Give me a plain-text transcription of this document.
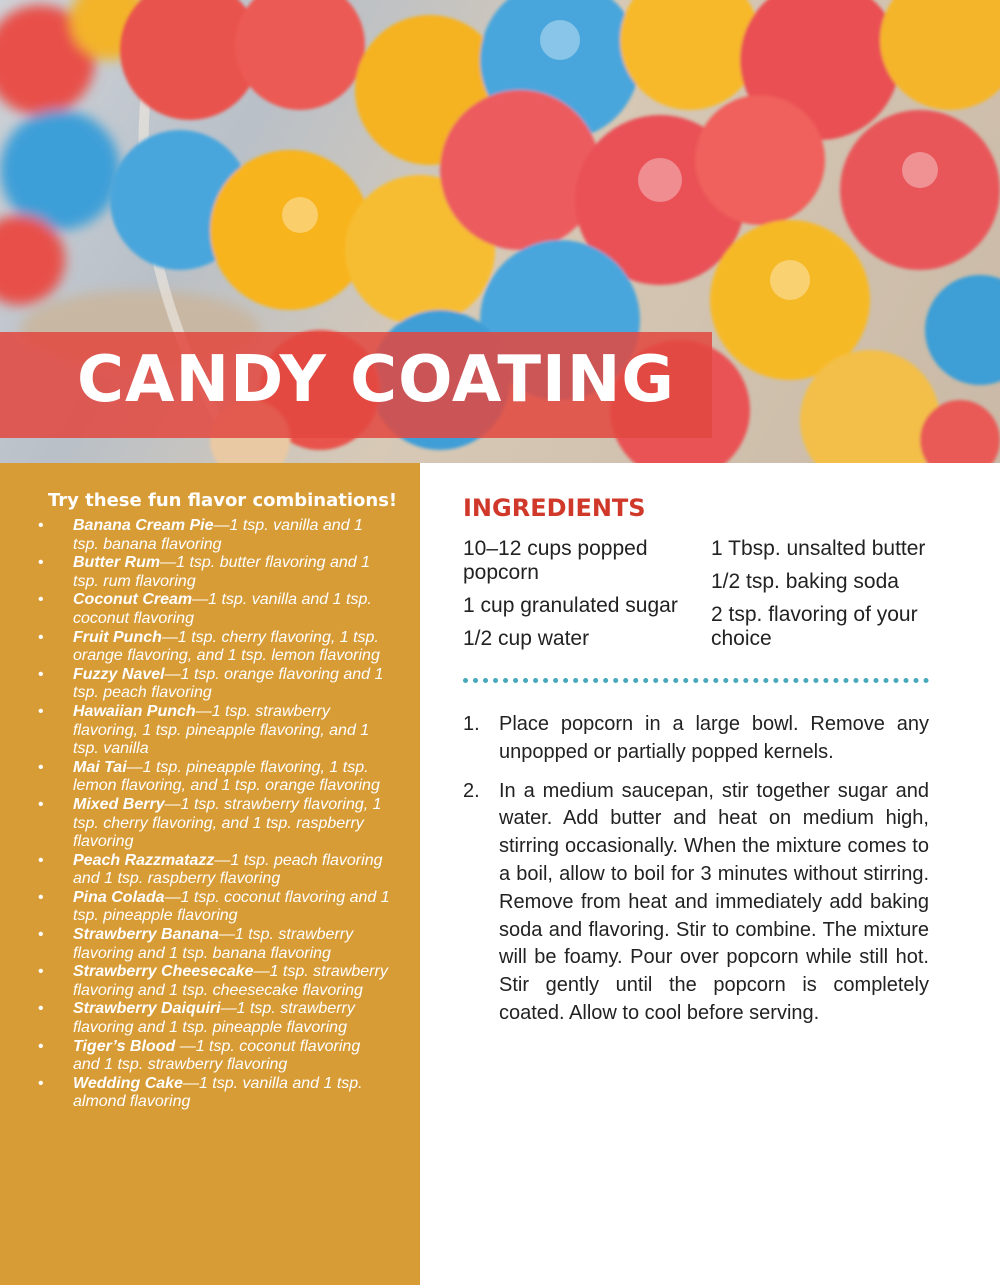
CANDY COATING
Try these fun flavor combinations!
• Banana Cream Pie—1 tsp. vanilla and 1 tsp. banana flavoring
• Butter Rum—1 tsp. butter flavoring and 1 tsp. rum flavoring
• Coconut Cream—1 tsp. vanilla and 1 tsp. coconut flavoring
• Fruit Punch—1 tsp. cherry flavoring, 1 tsp. orange flavoring, and 1 tsp. lemon flavoring
• Fuzzy Navel—1 tsp. orange flavoring and 1 tsp. peach flavoring
• Hawaiian Punch—1 tsp. strawberry flavoring, 1 tsp. pineapple flavoring, and 1 tsp. vanilla
• Mai Tai—1 tsp. pineapple flavoring, 1 tsp. lemon flavoring, and 1 tsp. orange flavoring
• Mixed Berry—1 tsp. strawberry flavoring, 1 tsp. cherry flavoring, and 1 tsp. raspberry flavoring
• Peach Razzmatazz—1 tsp. peach flavoring and 1 tsp. raspberry flavoring
• Pina Colada—1 tsp. coconut flavoring and 1 tsp. pineapple flavoring
• Strawberry Banana—1 tsp. strawberry flavoring and 1 tsp. banana flavoring
• Strawberry Cheesecake—1 tsp. strawberry flavoring and 1 tsp. cheesecake flavoring
• Strawberry Daiquiri—1 tsp. strawberry flavoring and 1 tsp. pineapple flavoring
• Tiger’s Blood —1 tsp. coconut flavoring and 1 tsp. strawberry flavoring
• Wedding Cake—1 tsp. vanilla and 1 tsp. almond flavoring
INGREDIENTS
10–12 cups popped popcorn
1 cup granulated sugar
1/2 cup water
1 Tbsp. unsalted butter
1/2 tsp. baking soda
2 tsp. flavoring of your choice
1. Place popcorn in a large bowl. Remove any unpopped or partially popped kernels.
2. In a medium saucepan, stir together sugar and water. Add butter and heat on medium high, stirring occasionally. When the mixture comes to a boil, allow to boil for 3 minutes without stirring. Remove from heat and immediately add baking soda and flavoring. Stir to combine. The mixture will be foamy. Pour over popcorn while still hot. Stir gently until the popcorn is completely coated. Allow to cool before serving.
